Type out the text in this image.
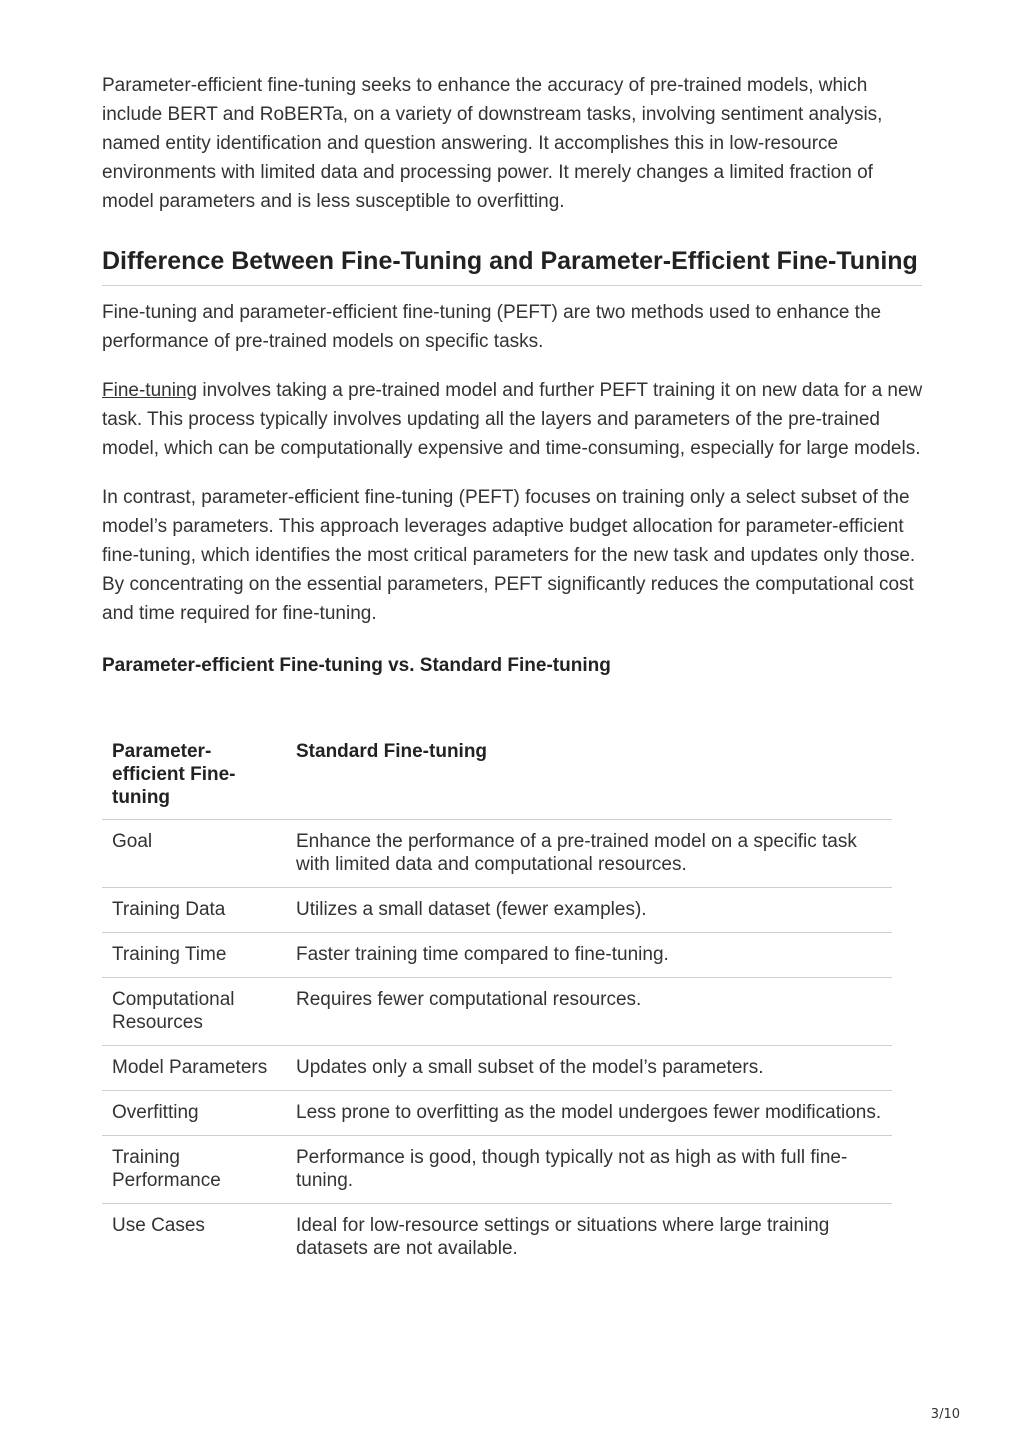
Parameter-efficient fine-tuning seeks to enhance the accuracy of pre-trained models, which include BERT and RoBERTa, on a variety of downstream tasks, involving sentiment analysis, named entity identification and question answering. It accomplishes this in low-resource environments with limited data and processing power. It merely changes a limited fraction of model parameters and is less susceptible to overfitting.

Difference Between Fine-Tuning and Parameter-Efficient Fine-Tuning

Fine-tuning and parameter-efficient fine-tuning (PEFT) are two methods used to enhance the performance of pre-trained models on specific tasks.

Fine-tuning involves taking a pre-trained model and further PEFT training it on new data for a new task. This process typically involves updating all the layers and parameters of the pre-trained model, which can be computationally expensive and time-consuming, especially for large models.

In contrast, parameter-efficient fine-tuning (PEFT) focuses on training only a select subset of the model’s parameters. This approach leverages adaptive budget allocation for parameter-efficient fine-tuning, which identifies the most critical parameters for the new task and updates only those. By concentrating on the essential parameters, PEFT significantly reduces the computational cost and time required for fine-tuning.

Parameter-efficient Fine-tuning vs. Standard Fine-tuning
Parameter-efficient Fine-tuning	Standard Fine-tuning
Goal	Enhance the performance of a pre-trained model on a specific task with limited data and computational resources.
Training Data	Utilizes a small dataset (fewer examples).
Training Time	Faster training time compared to fine-tuning.
Computational Resources	Requires fewer computational resources.
Model Parameters	Updates only a small subset of the model’s parameters.
Overfitting	Less prone to overfitting as the model undergoes fewer modifications.
Training Performance	Performance is good, though typically not as high as with full fine-tuning.
Use Cases	Ideal for low-resource settings or situations where large training datasets are not available.
3/10
